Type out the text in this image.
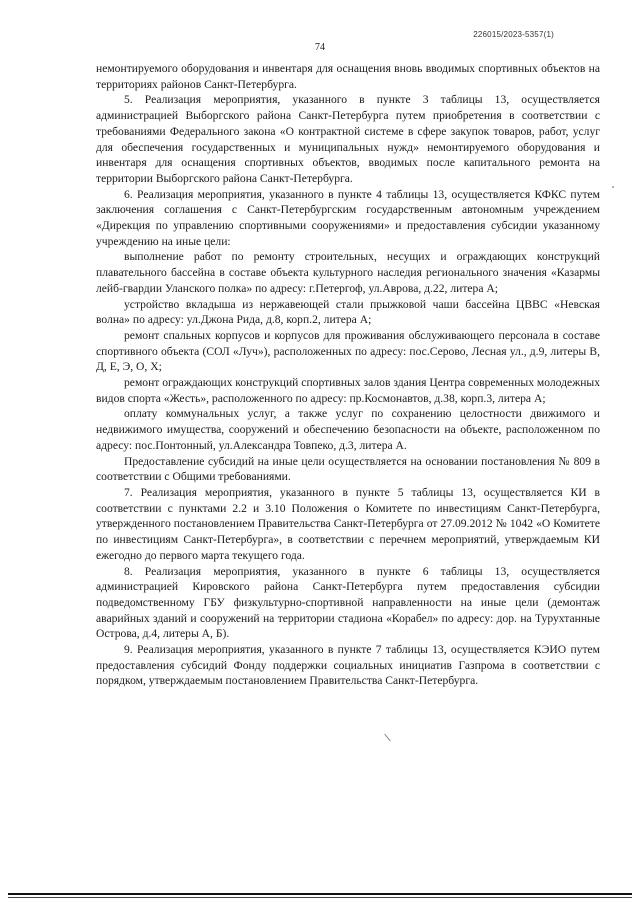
226015/2023-5357(1)
74

немонтируемого оборудования и инвентаря для оснащения вновь вводимых спортивных объектов на территориях районов Санкт-Петербурга.

5. Реализация мероприятия, указанного в пункте 3 таблицы 13, осуществляется администрацией Выборгского района Санкт-Петербурга путем приобретения в соответствии с требованиями Федерального закона «О контрактной системе в сфере закупок товаров, работ, услуг для обеспечения государственных и муниципальных нужд» немонтируемого оборудования и инвентаря для оснащения спортивных объектов, вводимых после капитального ремонта на территории Выборгского района Санкт-Петербурга.

6. Реализация мероприятия, указанного в пункте 4 таблицы 13, осуществляется КФКС путем заключения соглашения с Санкт-Петербургским государственным автономным учреждением «Дирекция по управлению спортивными сооружениями» и предоставления субсидии указанному учреждению на иные цели:

выполнение работ по ремонту строительных, несущих и ограждающих конструкций плавательного бассейна в составе объекта культурного наследия регионального значения «Казармы лейб-гвардии Уланского полка» по адресу: г.Петергоф, ул.Аврова, д.22, литера А;

устройство вкладыша из нержавеющей стали прыжковой чаши бассейна ЦВВС «Невская волна» по адресу: ул.Джона Рида, д.8, корп.2, литера А;

ремонт спальных корпусов и корпусов для проживания обслуживающего персонала в составе спортивного объекта (СОЛ «Луч»), расположенных по адресу: пос.Серово, Лесная ул., д.9, литеры В, Д, Е, Э, О, Х;

ремонт ограждающих конструкций спортивных залов здания Центра современных молодежных видов спорта «Жесть», расположенного по адресу: пр.Космонавтов, д.38, корп.3, литера А;

оплату коммунальных услуг, а также услуг по сохранению целостности движимого и недвижимого имущества, сооружений и обеспечению безопасности на объекте, расположенном по адресу: пос.Понтонный, ул.Александра Товпеко, д.3, литера А.

Предоставление субсидий на иные цели осуществляется на основании постановления № 809 в соответствии с Общими требованиями.

7. Реализация мероприятия, указанного в пункте 5 таблицы 13, осуществляется КИ в соответствии с пунктами 2.2 и 3.10 Положения о Комитете по инвестициям Санкт-Петербурга, утвержденного постановлением Правительства Санкт-Петербурга от 27.09.2012 № 1042 «О Комитете по инвестициям Санкт-Петербурга», в соответствии с перечнем мероприятий, утверждаемым КИ ежегодно до первого марта текущего года.

8. Реализация мероприятия, указанного в пункте 6 таблицы 13, осуществляется администрацией Кировского района Санкт-Петербурга путем предоставления субсидии подведомственному ГБУ физкультурно-спортивной направленности на иные цели (демонтаж аварийных зданий и сооружений на территории стадиона «Корабел» по адресу: дор. на Турухтанные Острова, д.4, литеры А, Б).

9. Реализация мероприятия, указанного в пункте 7 таблицы 13, осуществляется КЭИО путем предоставления субсидий Фонду поддержки социальных инициатив Газпрома в соответствии с порядком, утверждаемым постановлением Правительства Санкт-Петербурга.
